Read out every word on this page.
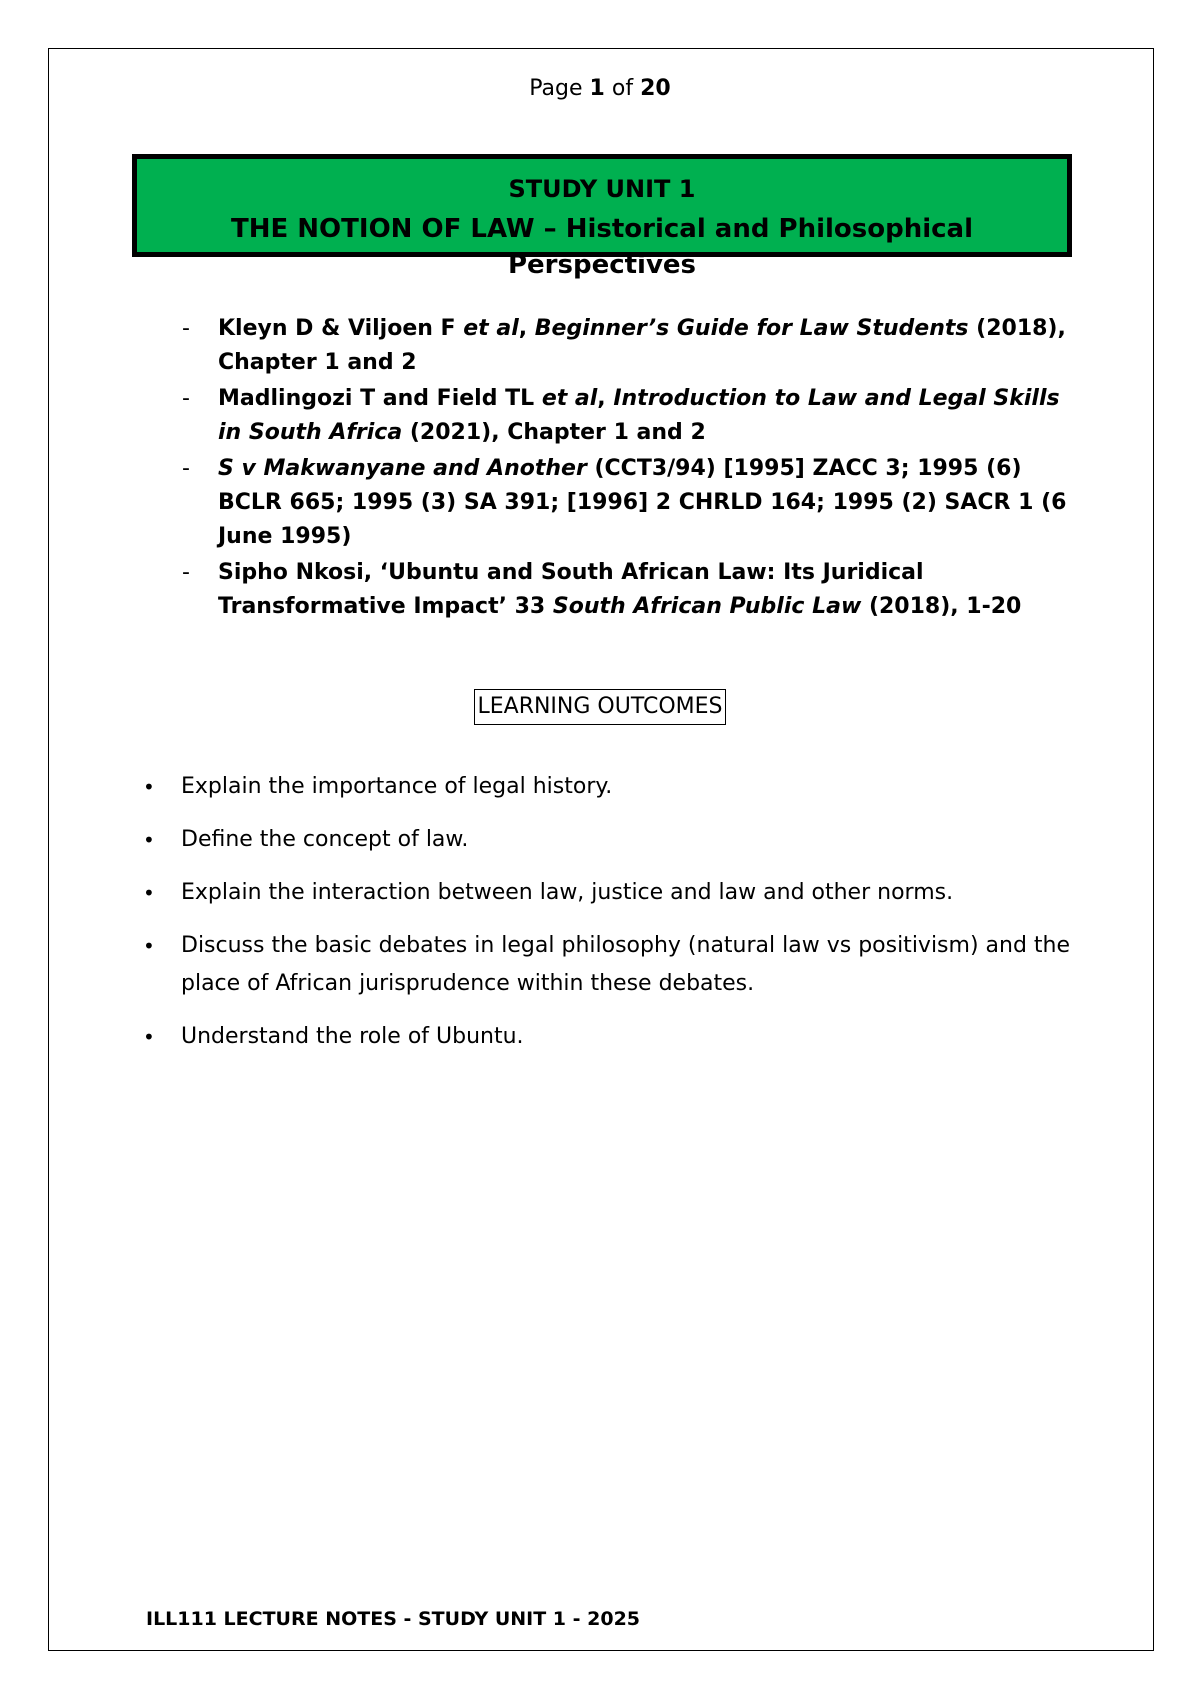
Page 1 of 20
STUDY UNIT 1
THE NOTION OF LAW – Historical and Philosophical Perspectives
- Kleyn D & Viljoen F et al, Beginner’s Guide for Law Students (2018), Chapter 1 and 2
- Madlingozi T and Field TL et al, Introduction to Law and Legal Skills in South Africa (2021), Chapter 1 and 2
- S v Makwanyane and Another (CCT3/94) [1995] ZACC 3; 1995 (6) BCLR 665; 1995 (3) SA 391; [1996] 2 CHRLD 164; 1995 (2) SACR 1 (6 June 1995)
- Sipho Nkosi, ‘Ubuntu and South African Law: Its Juridical Transformative Impact’ 33 South African Public Law (2018), 1-20
LEARNING OUTCOMES
• Explain the importance of legal history.
• Define the concept of law.
• Explain the interaction between law, justice and law and other norms.
• Discuss the basic debates in legal philosophy (natural law vs positivism) and the place of African jurisprudence within these debates.
• Understand the role of Ubuntu.
ILL111 LECTURE NOTES - STUDY UNIT 1 - 2025
